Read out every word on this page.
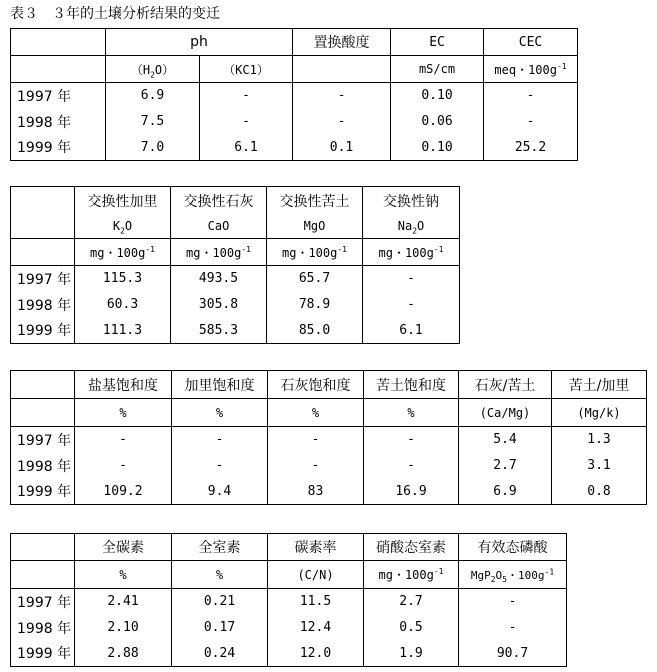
表３　３年的土壌分析结果的变迁
	ph		置换酸度	EC	CEC
	$(H_2O)$	（KC1）		mS/cm	meq・$100g^{-1}$
1997 年	6.9	-	-	0.10	-
1998 年	7.5	-	-	0.06	-
1999 年	7.0	6.1	0.1	0.10	25.2
	交换性加里	交换性石灰	交换性苦土	交换性钠
	$K_2O$	CaO	MgO	$Na_2O$
	mg・$100g^{-1}$	mg・$100g^{-1}$	mg・$100g^{-1}$	mg・$100g^{-1}$
1997 年	115.3	493.5	65.7	-
1998 年	60.3	305.8	78.9	-
1999 年	111.3	585.3	85.0	6.1
	盐基饱和度	加里饱和度	石灰饱和度	苦土饱和度	石灰/苦土	苦土/加里
	%	%	%	%	(Ca/Mg)	(Mg/k)
1997 年	-	-	-	-	5.4	1.3
1998 年	-	-	-	-	2.7	3.1
1999 年	109.2	9.4	83	16.9	6.9	0.8
	全碳素	全室素	碳素率	硝酸态室素	有效态磷酸
	%	%	(C/N)	mg・$100g^{-1}$	$MgP_2O_5$・$100g^{-1}$
1997 年	2.41	0.21	11.5	2.7	-
1998 年	2.10	0.17	12.4	0.5	-
1999 年	2.88	0.24	12.0	1.9	90.7
